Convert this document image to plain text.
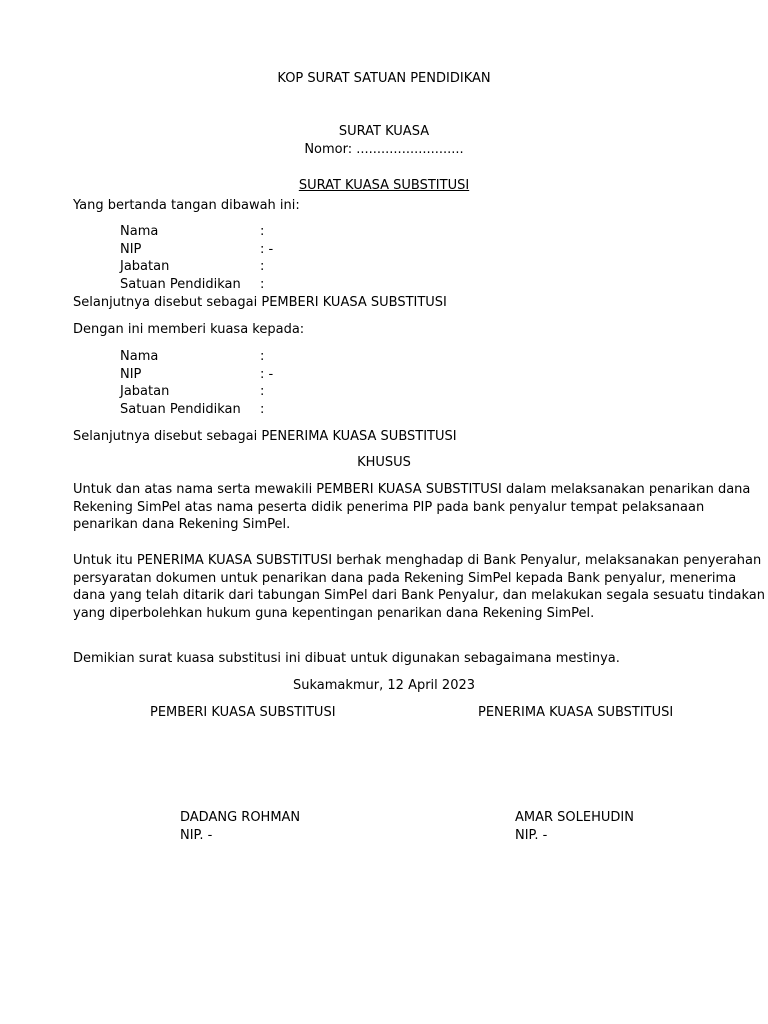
KOP SURAT SATUAN PENDIDIKAN
SURAT KUASA
Nomor: ..........................
SURAT KUASA SUBSTITUSI
Yang bertanda tangan dibawah ini:
Nama	:
NIP	: -
Jabatan	:
Satuan Pendidikan :
Selanjutnya disebut sebagai PEMBERI KUASA SUBSTITUSI
Dengan ini memberi kuasa kepada:
Nama	:
NIP	: -
Jabatan	:
Satuan Pendidikan :
Selanjutnya disebut sebagai PENERIMA KUASA SUBSTITUSI
KHUSUS
Untuk dan atas nama serta mewakili PEMBERI KUASA SUBSTITUSI dalam melaksanakan penarikan dana
Rekening SimPel atas nama peserta didik penerima PIP pada bank penyalur tempat pelaksanaan
penarikan dana Rekening SimPel.
Untuk itu PENERIMA KUASA SUBSTITUSI berhak menghadap di Bank Penyalur, melaksanakan penyerahan
persyaratan dokumen untuk penarikan dana pada Rekening SimPel kepada Bank penyalur, menerima
dana yang telah ditarik dari tabungan SimPel dari Bank Penyalur, dan melakukan segala sesuatu tindakan
yang diperbolehkan hukum guna kepentingan penarikan dana Rekening SimPel.
Demikian surat kuasa substitusi ini dibuat untuk digunakan sebagaimana mestinya.
Sukamakmur, 12 April 2023
PEMBERI KUASA SUBSTITUSI	PENERIMA KUASA SUBSTITUSI
DADANG ROHMAN
NIP. -
AMAR SOLEHUDIN
NIP. -
